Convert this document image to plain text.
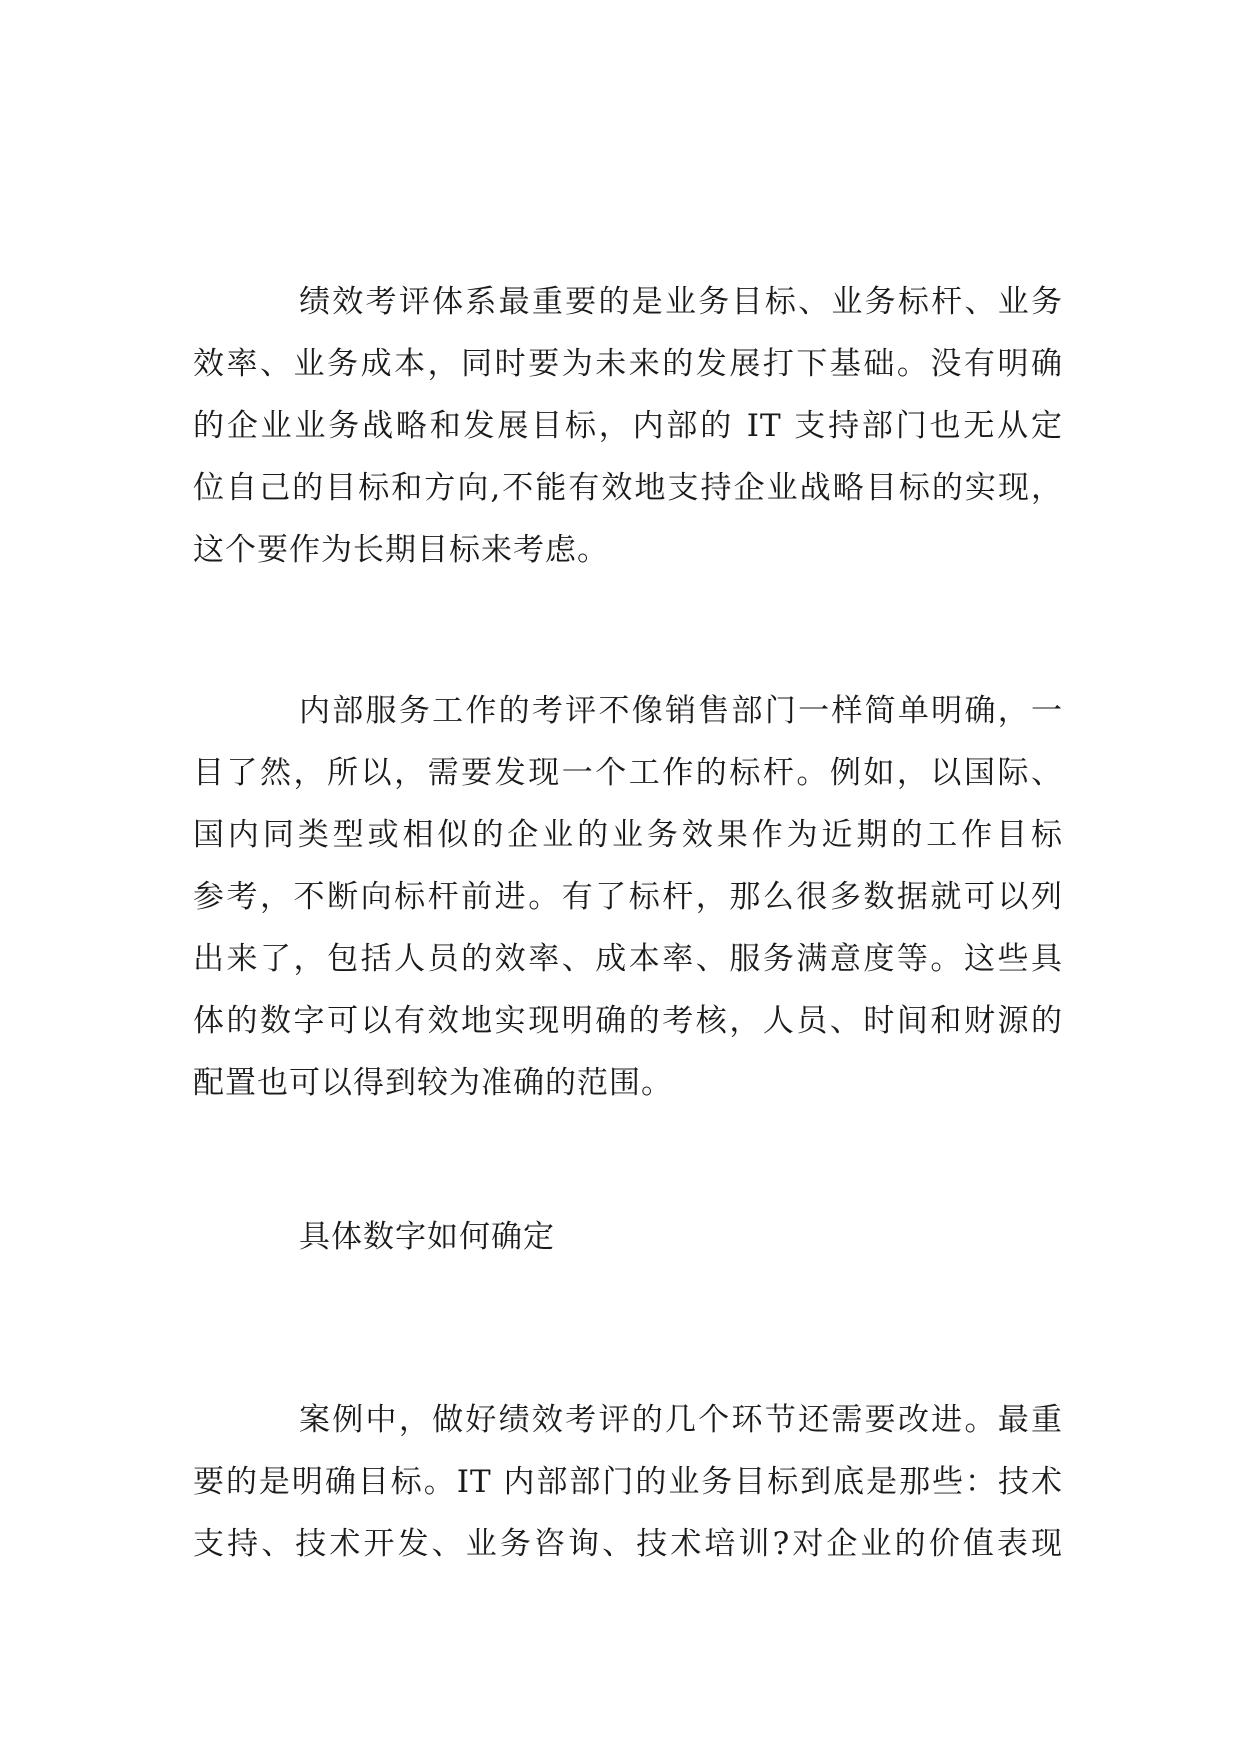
绩效考评体系最重要的是业务目标、业务标杆、业务
效率、业务成本，同时要为未来的发展打下基础。没有明确
的企业业务战略和发展目标，内部的 IT 支持部门也无从定
位自己的目标和方向,不能有效地支持企业战略目标的实现，
这个要作为长期目标来考虑。
内部服务工作的考评不像销售部门一样简单明确，一
目了然，所以，需要发现一个工作的标杆。例如，以国际、
国内同类型或相似的企业的业务效果作为近期的工作目标
参考，不断向标杆前进。有了标杆，那么很多数据就可以列
出来了，包括人员的效率、成本率、服务满意度等。这些具
体的数字可以有效地实现明确的考核，人员、时间和财源的
配置也可以得到较为准确的范围。
具体数字如何确定
案例中，做好绩效考评的几个环节还需要改进。最重
要的是明确目标。IT 内部部门的业务目标到底是那些：技术
支持、技术开发、业务咨询、技术培训?对企业的价值表现
